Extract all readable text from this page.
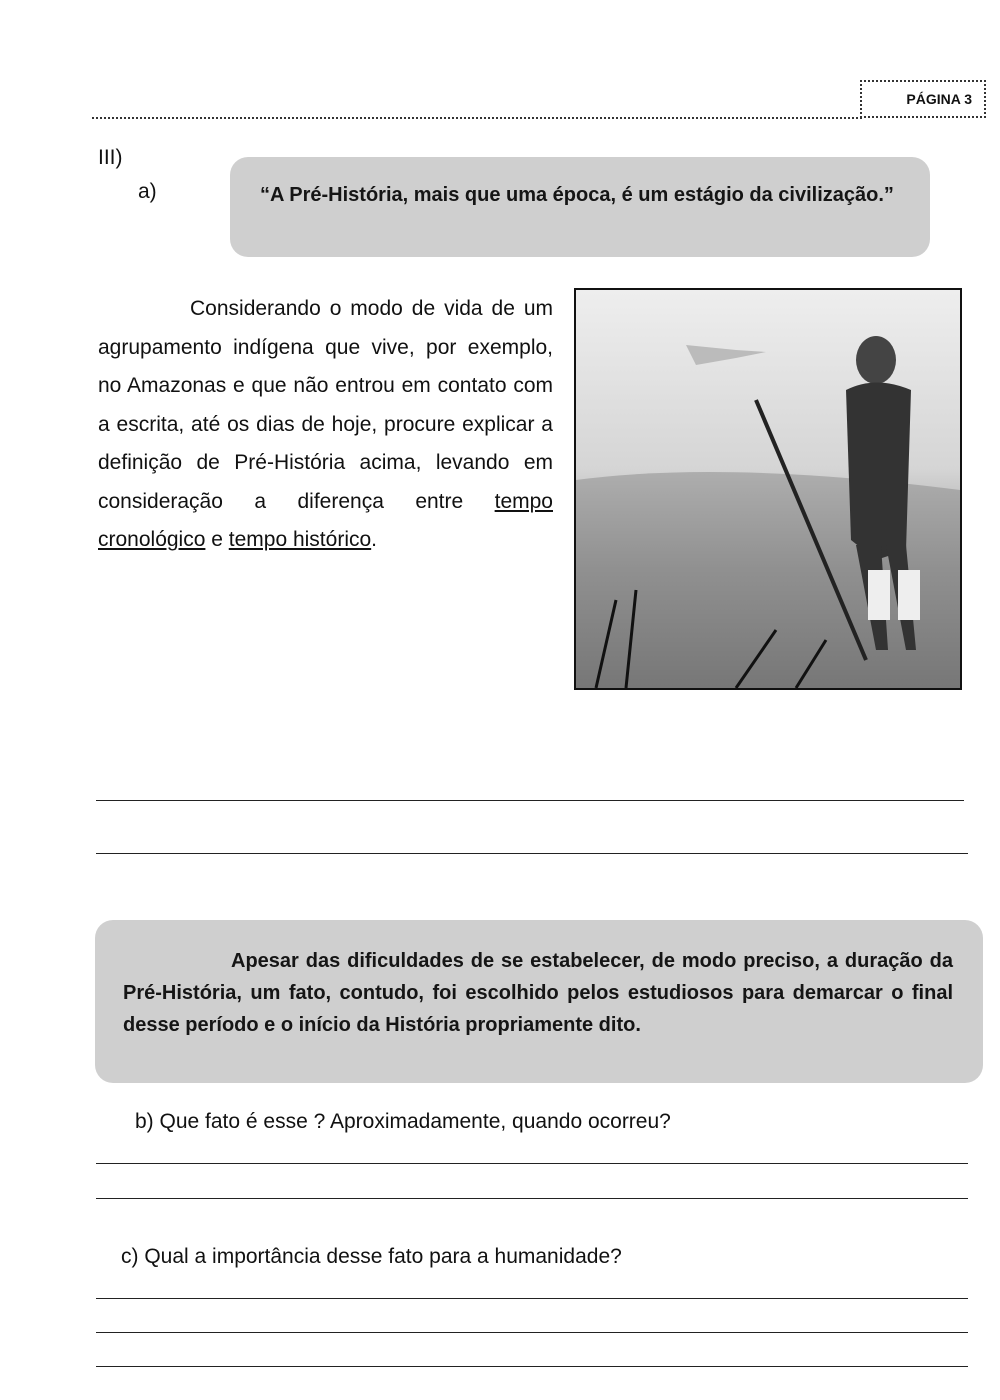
PÁGINA 3
III)
a)	“A Pré-História, mais que uma época, é um estágio da civilização.”
Considerando o modo de vida de um agrupamento indígena que vive, por exemplo, no Amazonas e que não entrou em contato com a escrita, até os dias de hoje, procure explicar a definição de Pré-História acima, levando em consideração a diferença entre tempo cronológico e tempo histórico.
Apesar das dificuldades de se estabelecer, de modo preciso, a duração da Pré-História, um fato, contudo, foi escolhido pelos estudiosos para demarcar o final desse período e o início da História propriamente dito.
b) Que fato é esse ? Aproximadamente, quando ocorreu?
c) Qual a importância desse fato para a humanidade?
